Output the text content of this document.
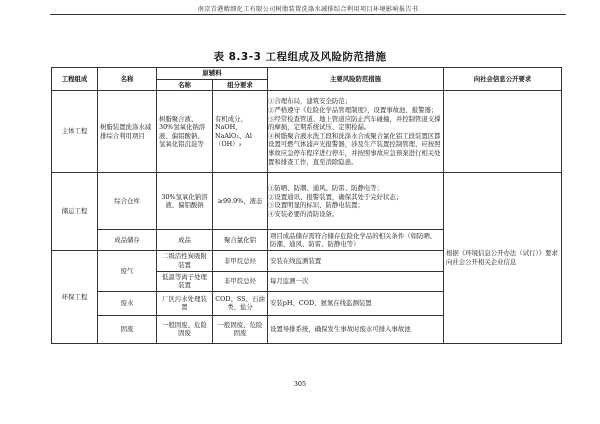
南京青港精细化工有限公司树脂装置洗涤水减排综合利用项目环境影响报告书
表 8.3-3 工程组成及风险防范措施
工程组成	名称	原辅料		主要风险防范措施	向社会信息公开要求
		名称	组分要求		
主体工程	树脂装置洗涤水减排综合利用项目	树脂聚合液、30%氢氧化钠溶液、偏铝酸钠、氢氧化铝沉淀等	有机成分、NaOH、NaAlO₂、Al（OH）₃	①合理布局，建筑安全防范；

②严格遵守《危险化学品管理制度》，设置事故池、报警器；

③经常检查管道、地上管道应防止汽车碰撞，并控制管道支撑的摩损，定期系统试压、定期检漏。

④树脂聚合液水洗工段和洗涤水合成聚合氯化铝工段装置区都设置可燃气体浦声光报警器，涉及生产装置控制管理、应按照事故应急停车程序进行停车，并按照事故应急预案进行相关处置和排查工作，直至消除隐患。	

储运工程	综合仓库	30%氢氧化钠溶液、偏铝酸钠	≥99.9%、液态	①防晒、防潮、通风、防雷、防静电等；

②设置通讯、报警装置，确保其处于完好状态；

③设置明显的标识、防静电装置；

④安装必要的消防设备。	根据《环境信息公开办法（试行）》要求向社会公开相关企业信息
	成品储存	成品	聚合氯化铝	项目成品储存需符合储存危险化学品的相关条件（如防晒、防潮、通风、防雷、防静电等）	
环保工程	废气	二级活性炭吸附装置	非甲烷总烃	安装在线监测装置	
		低温等离子处理装置	非甲烷总烃	每月监测一次	
	废水	厂区污水处理装置	COD、SS、石油类、盐分	安装pH、COD、氨氮在线监测装置	
	固废	一般固废、危险固废	一般固废、危险固废	设置导排系统，确保发生事故时废水可排入事故池	
305
